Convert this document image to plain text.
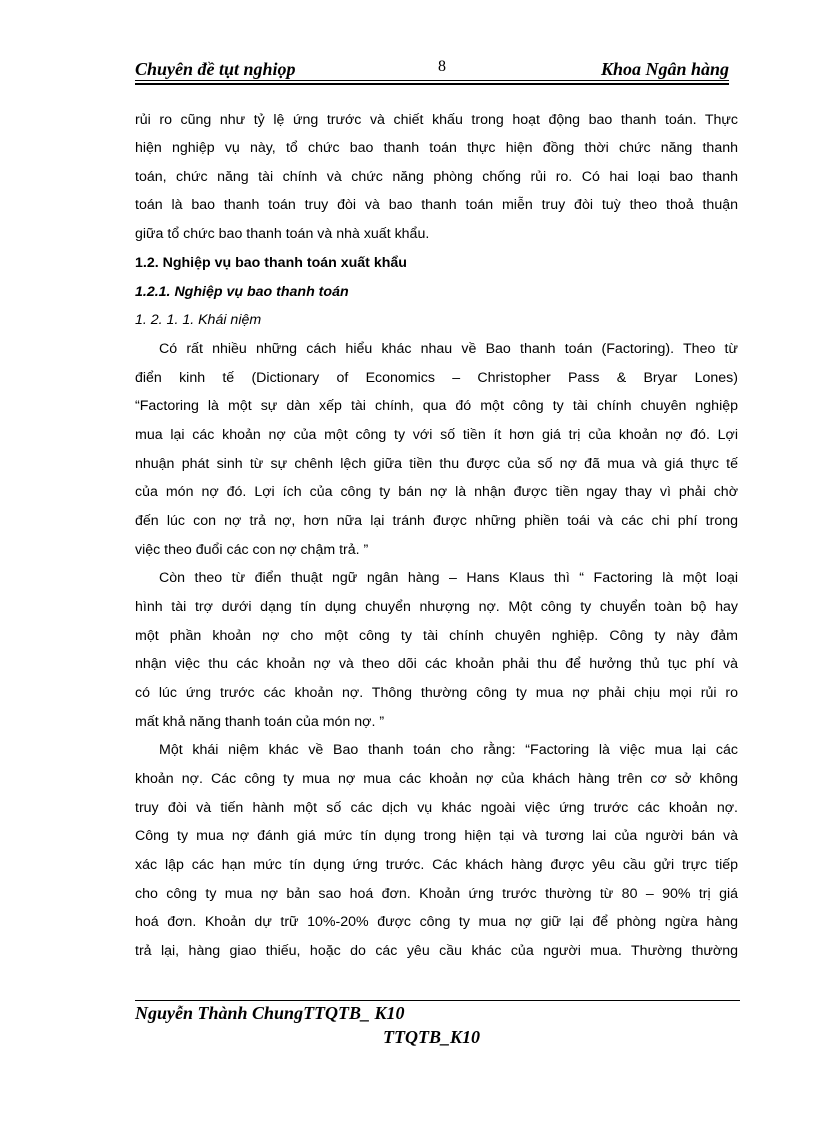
Chuyên đề tụt nghiọp	8	Khoa Ngân hàng
rủi ro cũng như tỷ lệ ứng trước và chiết khấu trong hoạt động bao thanh toán. Thực
hiện nghiệp vụ này, tổ chức bao thanh toán thực hiện đồng thời chức năng thanh
toán, chức năng tài chính và chức năng phòng chống rủi ro. Có hai loại bao thanh
toán là bao thanh toán truy đòi và bao thanh toán miễn truy đòi tuỳ theo thoả thuận
giữa tổ chức bao thanh toán và nhà xuất khẩu.
1.2. Nghiệp vụ bao thanh toán xuất khẩu
1.2.1. Nghiệp vụ bao thanh toán
1. 2. 1. 1. Khái niệm
Có rất nhiều những cách hiểu khác nhau về Bao thanh toán (Factoring). Theo từ
điển kinh tế (Dictionary of Economics – Christopher Pass & Bryar Lones)
“Factoring là một sự dàn xếp tài chính, qua đó một công ty tài chính chuyên nghiệp
mua lại các khoản nợ của một công ty với số tiền ít hơn giá trị của khoản nợ đó. Lợi
nhuận phát sinh từ sự chênh lệch giữa tiền thu được của số nợ đã mua và giá thực tế
của món nợ đó. Lợi ích của công ty bán nợ là nhận được tiền ngay thay vì phải chờ
đến lúc con nợ trả nợ, hơn nữa lại tránh được những phiền toái và các chi phí trong
việc theo đuổi các con nợ chậm trả. ”
Còn theo từ điển thuật ngữ ngân hàng – Hans Klaus thì “ Factoring là một loại
hình tài trợ dưới dạng tín dụng chuyển nhượng nợ. Một công ty chuyển toàn bộ hay
một phần khoản nợ cho một công ty tài chính chuyên nghiệp. Công ty này đảm
nhận việc thu các khoản nợ và theo dõi các khoản phải thu để hưởng thủ tục phí và
có lúc ứng trước các khoản nợ. Thông thường công ty mua nợ phải chịu mọi rủi ro
mất khả năng thanh toán của món nợ. ”
Một khái niệm khác về Bao thanh toán cho rằng: “Factoring là việc mua lại các
khoản nợ. Các công ty mua nợ mua các khoản nợ của khách hàng trên cơ sở không
truy đòi và tiến hành một số các dịch vụ khác ngoài việc ứng trước các khoản nợ.
Công ty mua nợ đánh giá mức tín dụng trong hiện tại và tương lai của người bán và
xác lập các hạn mức tín dụng ứng trước. Các khách hàng được yêu cầu gửi trực tiếp
cho công ty mua nợ bản sao hoá đơn. Khoản ứng trước thường từ 80 – 90% trị giá
hoá đơn. Khoản dự trữ 10%-20% được công ty mua nợ giữ lại để phòng ngừa hàng
trả lại, hàng giao thiếu, hoặc do các yêu cầu khác của người mua. Thường thường
Nguyễn Thành ChungTTQTB_ K10
TTQTB_K10
